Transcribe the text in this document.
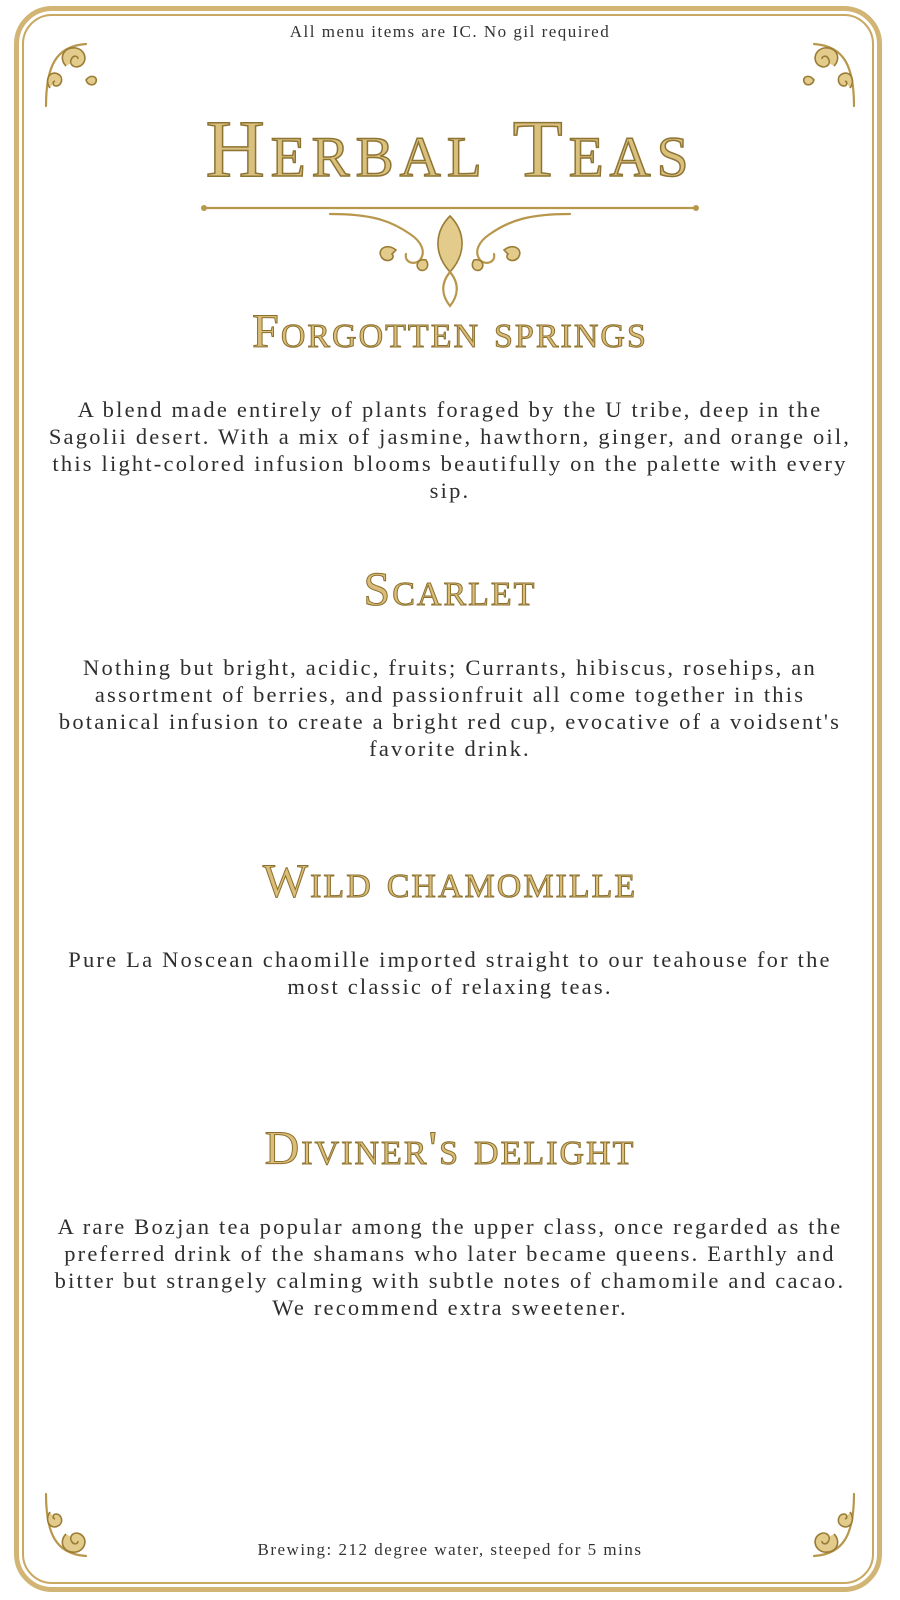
All menu items are IC. No gil required
Herbal Teas
Forgotten springs

A blend made entirely of plants foraged by the U tribe, deep in the Sagolii desert. With a mix of jasmine, hawthorn, ginger, and orange oil, this light-colored infusion blooms beautifully on the palette with every sip.

Scarlet

Nothing but bright, acidic, fruits; Currants, hibiscus, rosehips, an assortment of berries, and passionfruit all come together in this botanical infusion to create a bright red cup, evocative of a voidsent's favorite drink.

Wild chamomille

Pure La Noscean chaomille imported straight to our teahouse for the most classic of relaxing teas.

Diviner's delight

A rare Bozjan tea popular among the upper class, once regarded as the preferred drink of the shamans who later became queens. Earthly and bitter but strangely calming with subtle notes of chamomile and cacao. We recommend extra sweetener.

Brewing: 212 degree water, steeped for 5 mins
